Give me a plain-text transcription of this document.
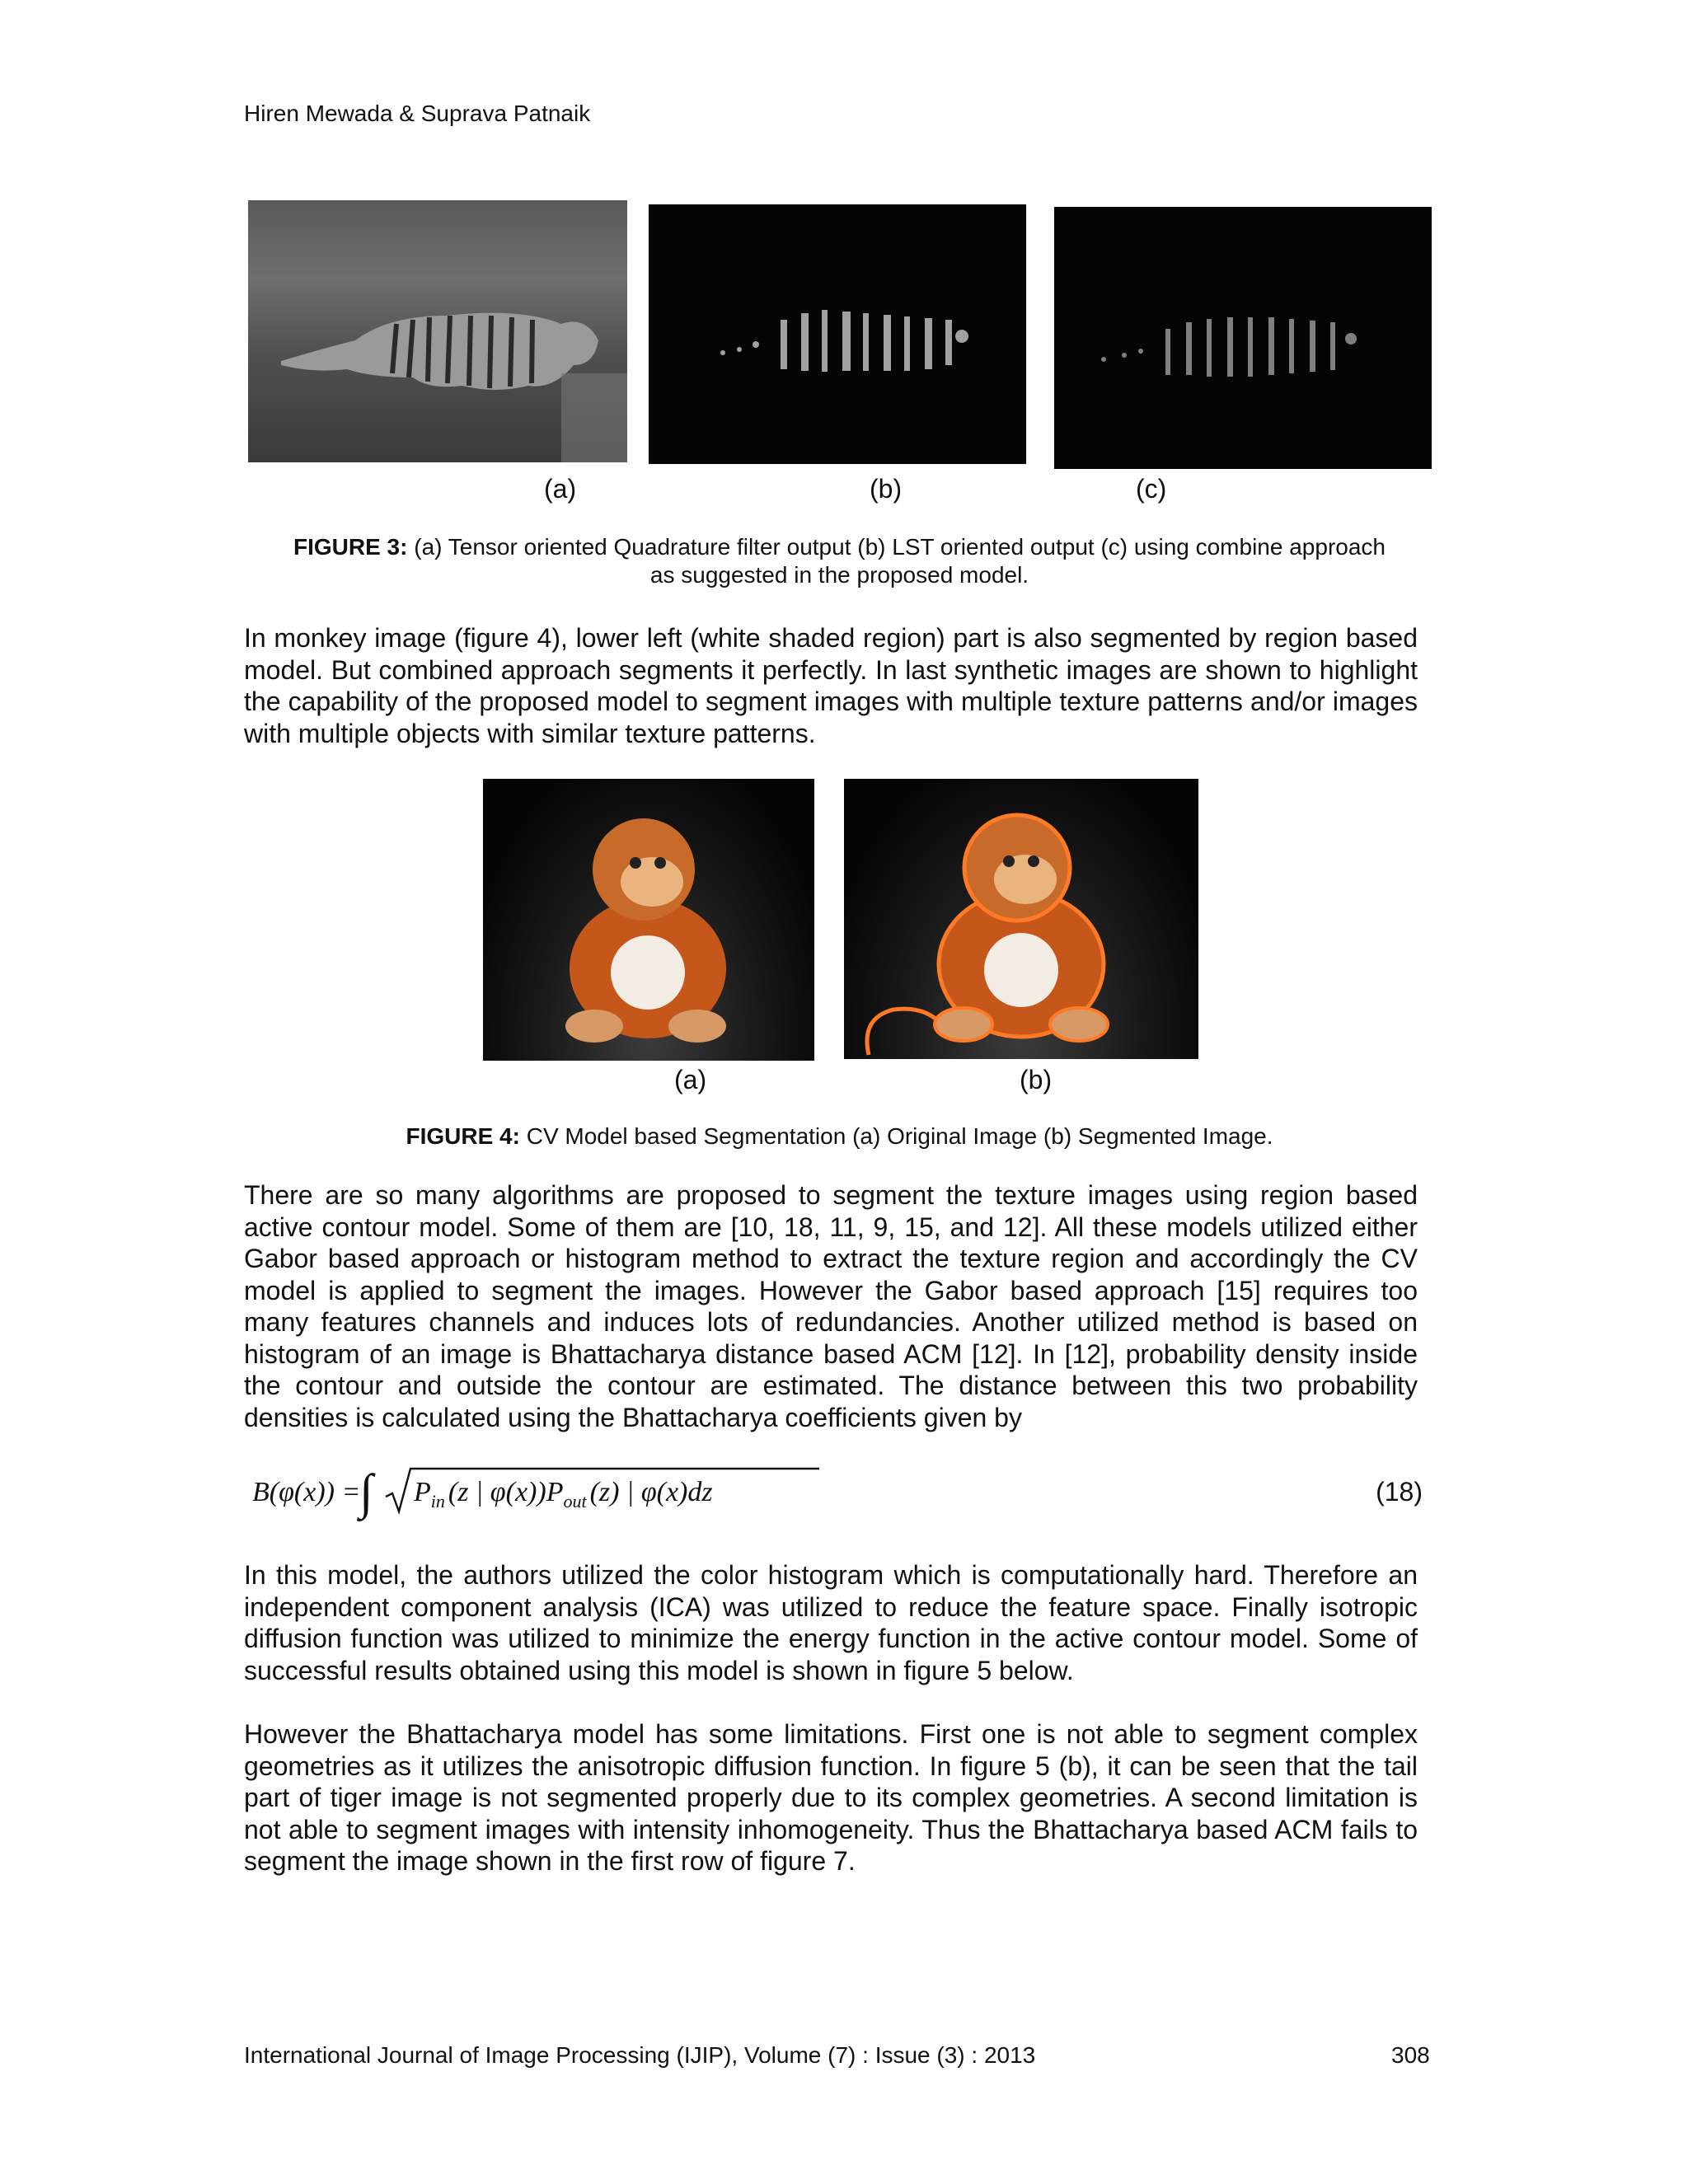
Hiren Mewada & Suprava Patnaik
(a)	(b)	(c)
FIGURE 3: (a) Tensor oriented Quadrature filter output (b) LST oriented output (c) using combine approach
as suggested in the proposed model.

In monkey image (figure 4), lower left (white shaded region) part is also segmented by region based model. But combined approach segments it perfectly. In last synthetic images are shown to highlight the capability of the proposed model to segment images with multiple texture patterns and/or images with multiple objects with similar texture patterns.

(a)	(b)
FIGURE 4: CV Model based Segmentation (a) Original Image (b) Segmented Image.

There are so many algorithms are proposed to segment the texture images using region based active contour model. Some of them are [10, 18, 11, 9, 15, and 12]. All these models utilized either Gabor based approach or histogram method to extract the texture region and accordingly the CV model is applied to segment the images. However the Gabor based approach [15] requires too many features channels and induces lots of redundancies. Another utilized method is based on histogram of an image is Bhattacharya distance based ACM [12]. In [12], probability density inside the contour and outside the contour are estimated. The distance between this two probability densities is calculated using the Bhattacharya coefficients given by

B(φ(x)) =
∫ $P_{in}$ (z | $\varphi(x))P_{out}$ (z) | φ(x)dz	(18)

In this model, the authors utilized the color histogram which is computationally hard. Therefore an independent component analysis (ICA) was utilized to reduce the feature space. Finally isotropic diffusion function was utilized to minimize the energy function in the active contour model. Some of successful results obtained using this model is shown in figure 5 below.

However the Bhattacharya model has some limitations. First one is not able to segment complex geometries as it utilizes the anisotropic diffusion function. In figure 5 (b), it can be seen that the tail part of tiger image is not segmented properly due to its complex geometries. A second limitation is not able to segment images with intensity inhomogeneity. Thus the Bhattacharya based ACM fails to segment the image shown in the first row of figure 7.

International Journal of Image Processing (IJIP), Volume (7) : Issue (3) : 2013	308
